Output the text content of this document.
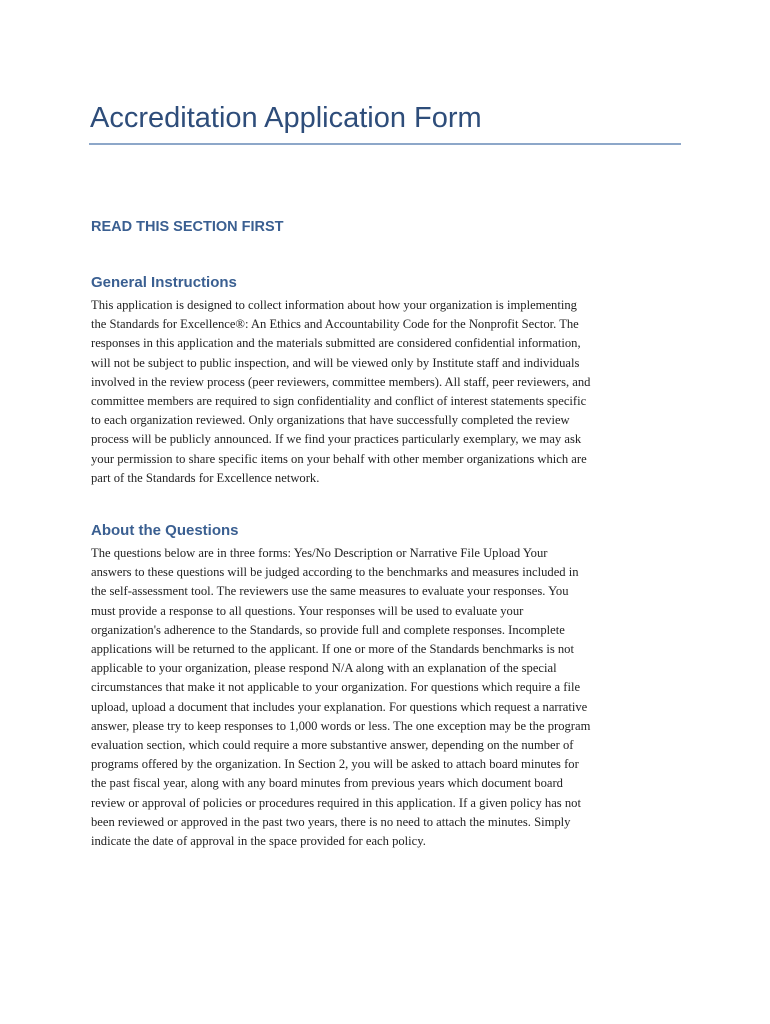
Accreditation Application Form
READ THIS SECTION FIRST
General Instructions

This application is designed to collect information about how your organization is implementing
the Standards for Excellence®: An Ethics and Accountability Code for the Nonprofit Sector. The
responses in this application and the materials submitted are considered confidential information,
will not be subject to public inspection, and will be viewed only by Institute staff and individuals
involved in the review process (peer reviewers, committee members). All staff, peer reviewers, and
committee members are required to sign confidentiality and conflict of interest statements specific
to each organization reviewed. Only organizations that have successfully completed the review
process will be publicly announced. If we find your practices particularly exemplary, we may ask
your permission to share specific items on your behalf with other member organizations which are
part of the Standards for Excellence network.

About the Questions

The questions below are in three forms: Yes/No Description or Narrative File Upload Your
answers to these questions will be judged according to the benchmarks and measures included in
the self-assessment tool. The reviewers use the same measures to evaluate your responses. You
must provide a response to all questions. Your responses will be used to evaluate your
organization's adherence to the Standards, so provide full and complete responses. Incomplete
applications will be returned to the applicant. If one or more of the Standards benchmarks is not
applicable to your organization, please respond N/A along with an explanation of the special
circumstances that make it not applicable to your organization. For questions which require a file
upload, upload a document that includes your explanation. For questions which request a narrative
answer, please try to keep responses to 1,000 words or less. The one exception may be the program
evaluation section, which could require a more substantive answer, depending on the number of
programs offered by the organization. In Section 2, you will be asked to attach board minutes for
the past fiscal year, along with any board minutes from previous years which document board
review or approval of policies or procedures required in this application. If a given policy has not
been reviewed or approved in the past two years, there is no need to attach the minutes. Simply
indicate the date of approval in the space provided for each policy.
